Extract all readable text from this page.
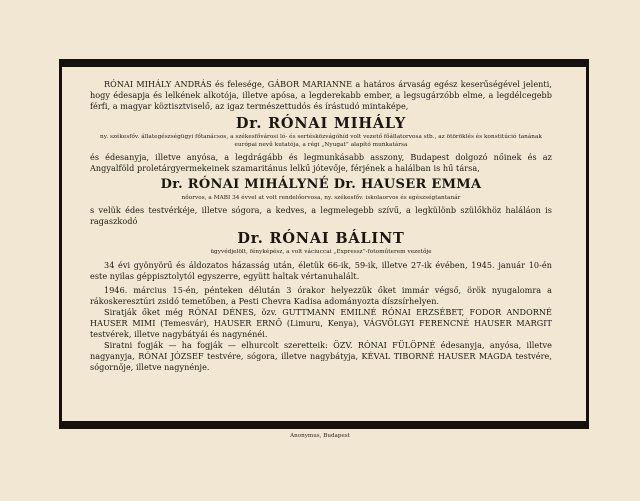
RÓNAI MIHÁLY ANDRÁS és felesége, GÁBOR MARIANNE a határos árvaság egész keserűségével jelenti, hogy édesapja és lelkének alkotója, illetve apósa, a legderekabb ember, a legsugárzóbb elme, a legdélcegebb férfi, a magyar köztisztviselő, az igaz természettudós és írástudó mintaképe,

Dr. RÓNAI MIHÁLY

ny. székesfőv. állategészségügyi főtanácsos, a székesfővárosi ló- és sertésközvágóhíd volt vezető főállatorvosa stb., az ötöröklés és konstitúció tanának európai nevű kutatója, a régi „Nyugat” alapító munkatársa

és édesanyja, illetve anyósa, a legdrágább és legmunkásabb asszony, Budapest dolgozó nőinek és az Angyalföld proletárgyermekeinek szamaritánus lelkű jótevője, férjének a halálban is hű társa,

Dr. RÓNAI MIHÁLYNÉ Dr. HAUSER EMMA

nőorvos, a MABI 34 évvel at volt rendelőorvosa, ny. székesfőv. iskolaorvos és egészségtantanár

s velük édes testvérkéje, illetve sógora, a kedves, a legmelegebb szívű, a legkülönb szülőkhöz haláláon is ragaszkodó

Dr. RÓNAI BÁLINT

ügyvédjelölt, fényképész, a volt váciuccai „Expressz”-fotoműterem vezetője

34 évi gyönyörű és áldozatos házasság után, életük 66-ik, 59-ik, illetve 27-ik évében, 1945. január 10-én este nyilas géppisztolytól egyszerre, együtt haltak vértanuhalált.

1946. március 15-én, pénteken délután 3 órakor helyezzük őket immár végső, örök nyugalomra a rákoskeresztúri zsidó temetőben, a Pesti Chevra Kadisa adományozta díszsírhelyen.

Siratják őket még RÓNAI DÉNES, özv. GUTTMANN EMILNÉ RÓNAI ERZSÉBET, FODOR ANDORNÉ HAUSER MIMI (Temesvár), HAUSER ERNŐ (Limuru, Kenya), VÁGVÖLGYI FERENCNÉ HAUSER MARGIT testvérek, illetve nagybátyái és nagynénéi.

Siratni fogják — ha fogják — elhurcolt szeretteik: ÖZV. RÓNAI FÜLÖPNÉ édesanyja, anyósa, illetve nagyanyja, RÓNAI JÓZSEF testvére, sógora, illetve nagybátyja, KÉVAL TIBORNÉ HAUSER MAGDA testvére, sógornője, illetve nagynénje.

Anonymus, Budapest
